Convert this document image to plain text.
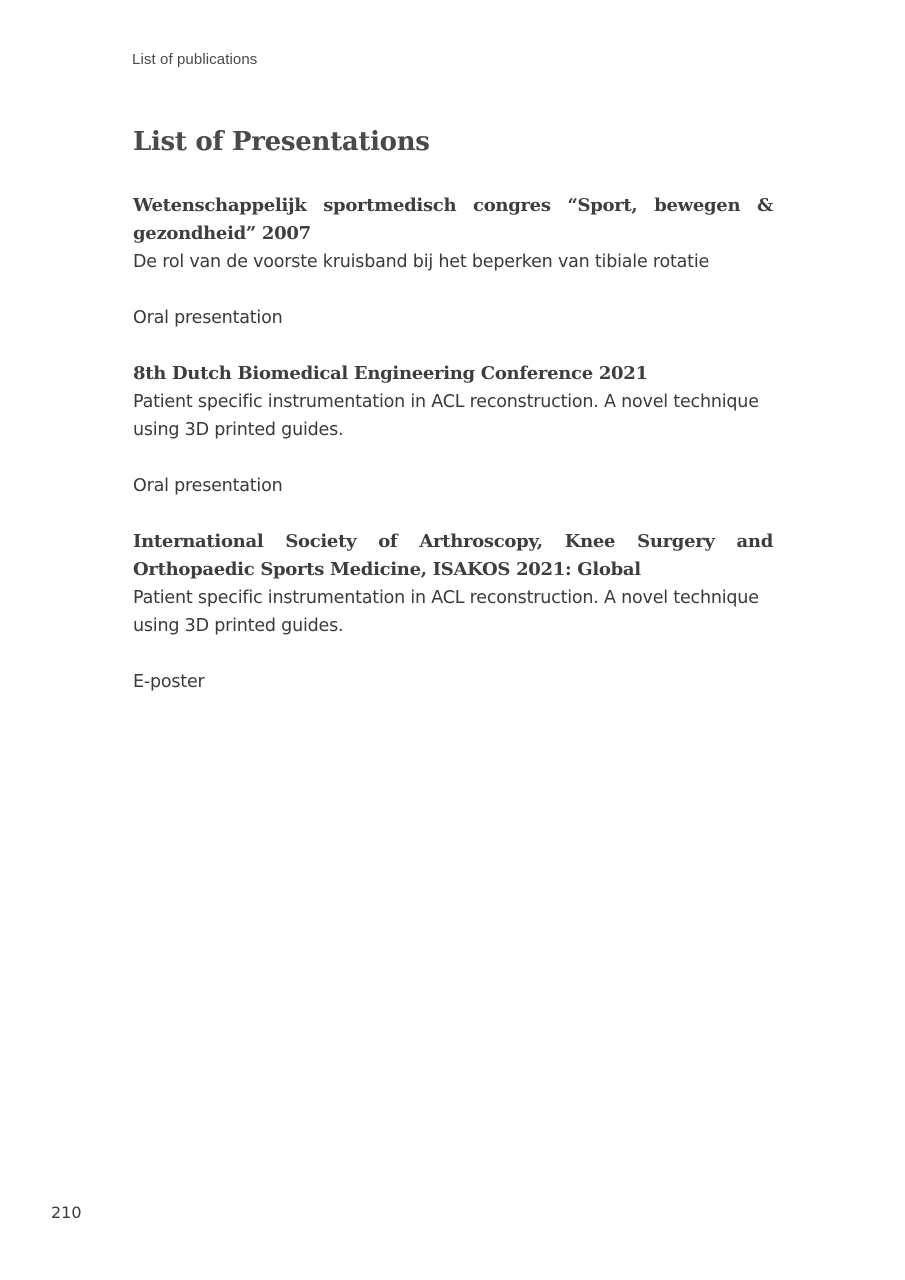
List of publications
List of Presentations

Wetenschappelijk sportmedisch congres “Sport, bewegen & gezondheid” 2007

De rol van de voorste kruisband bij het beperken van tibiale rotatie

Oral presentation

8th Dutch Biomedical Engineering Conference 2021

Patient specific instrumentation in ACL reconstruction. A novel technique using 3D printed guides.

Oral presentation

International Society of Arthroscopy, Knee Surgery and Orthopaedic Sports Medicine, ISAKOS 2021: Global

Patient specific instrumentation in ACL reconstruction. A novel technique using 3D printed guides.

E-poster

210
